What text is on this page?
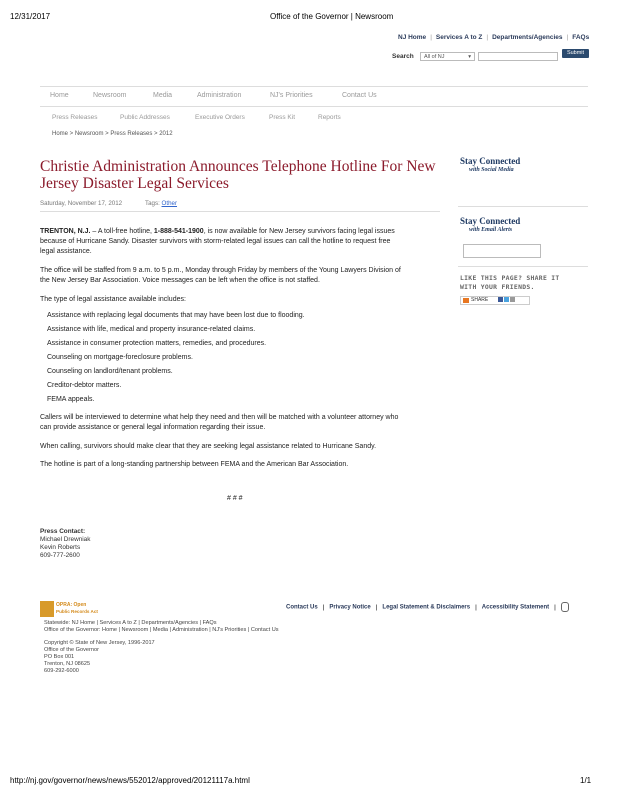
12/31/2017	Office of the Governor | Newsroom
NJ Home | Services A to Z | Departments/Agencies | FAQs
Search	All of NJ	▾
Submit
Home	Newsroom	Media	Administration	NJ's Priorities	Contact Us
Press Releases	Public Addresses	Executive Orders	Press Kit	Reports
Home > Newsroom > Press Releases > 2012
Christie Administration Announces Telephone Hotline For New
Jersey Disaster Legal Services
Saturday, November 17, 2012	Tags: Other
TRENTON, N.J. – A toll-free hotline, 1-888-541-1900, is now available for New Jersey survivors facing legal issues
because of Hurricane Sandy. Disaster survivors with storm-related legal issues can call the hotline to request free
legal assistance.
The office will be staffed from 9 a.m. to 5 p.m., Monday through Friday by members of the Young Lawyers Division of
the New Jersey Bar Association. Voice messages can be left when the office is not staffed.
The type of legal assistance available includes:
Assistance with replacing legal documents that may have been lost due to flooding.
Assistance with life, medical and property insurance-related claims.
Assistance in consumer protection matters, remedies, and procedures.
Counseling on mortgage-foreclosure problems.
Counseling on landlord/tenant problems.
Creditor-debtor matters.
FEMA appeals.
Callers will be interviewed to determine what help they need and then will be matched with a volunteer attorney who
can provide assistance or general legal information regarding their issue.
When calling, survivors should make clear that they are seeking legal assistance related to Hurricane Sandy.
The hotline is part of a long-standing partnership between FEMA and the American Bar Association.
# # #
Press Contact:
Michael Drewniak
Kevin Roberts
609-777-2600
Stay Connected
with Social Media
Stay Connected
with Email Alerts
LIKE THIS PAGE? SHARE IT
WITH YOUR FRIENDS.
SHARE
OPRA: Open
Public Records Act
Contact Us | Privacy Notice | Legal Statement & Disclaimers | Accessibility Statement |
Statewide: NJ Home | Services A to Z | Departments/Agencies | FAQs
Office of the Governor: Home | Newsroom | Media | Administration | NJ's Priorities | Contact Us
Copyright © State of New Jersey, 1996-2017
Office of the Governor
PO Box 001
Trenton, NJ 08625
609-292-6000
http://nj.gov/governor/news/news/552012/approved/20121117a.html	1/1
